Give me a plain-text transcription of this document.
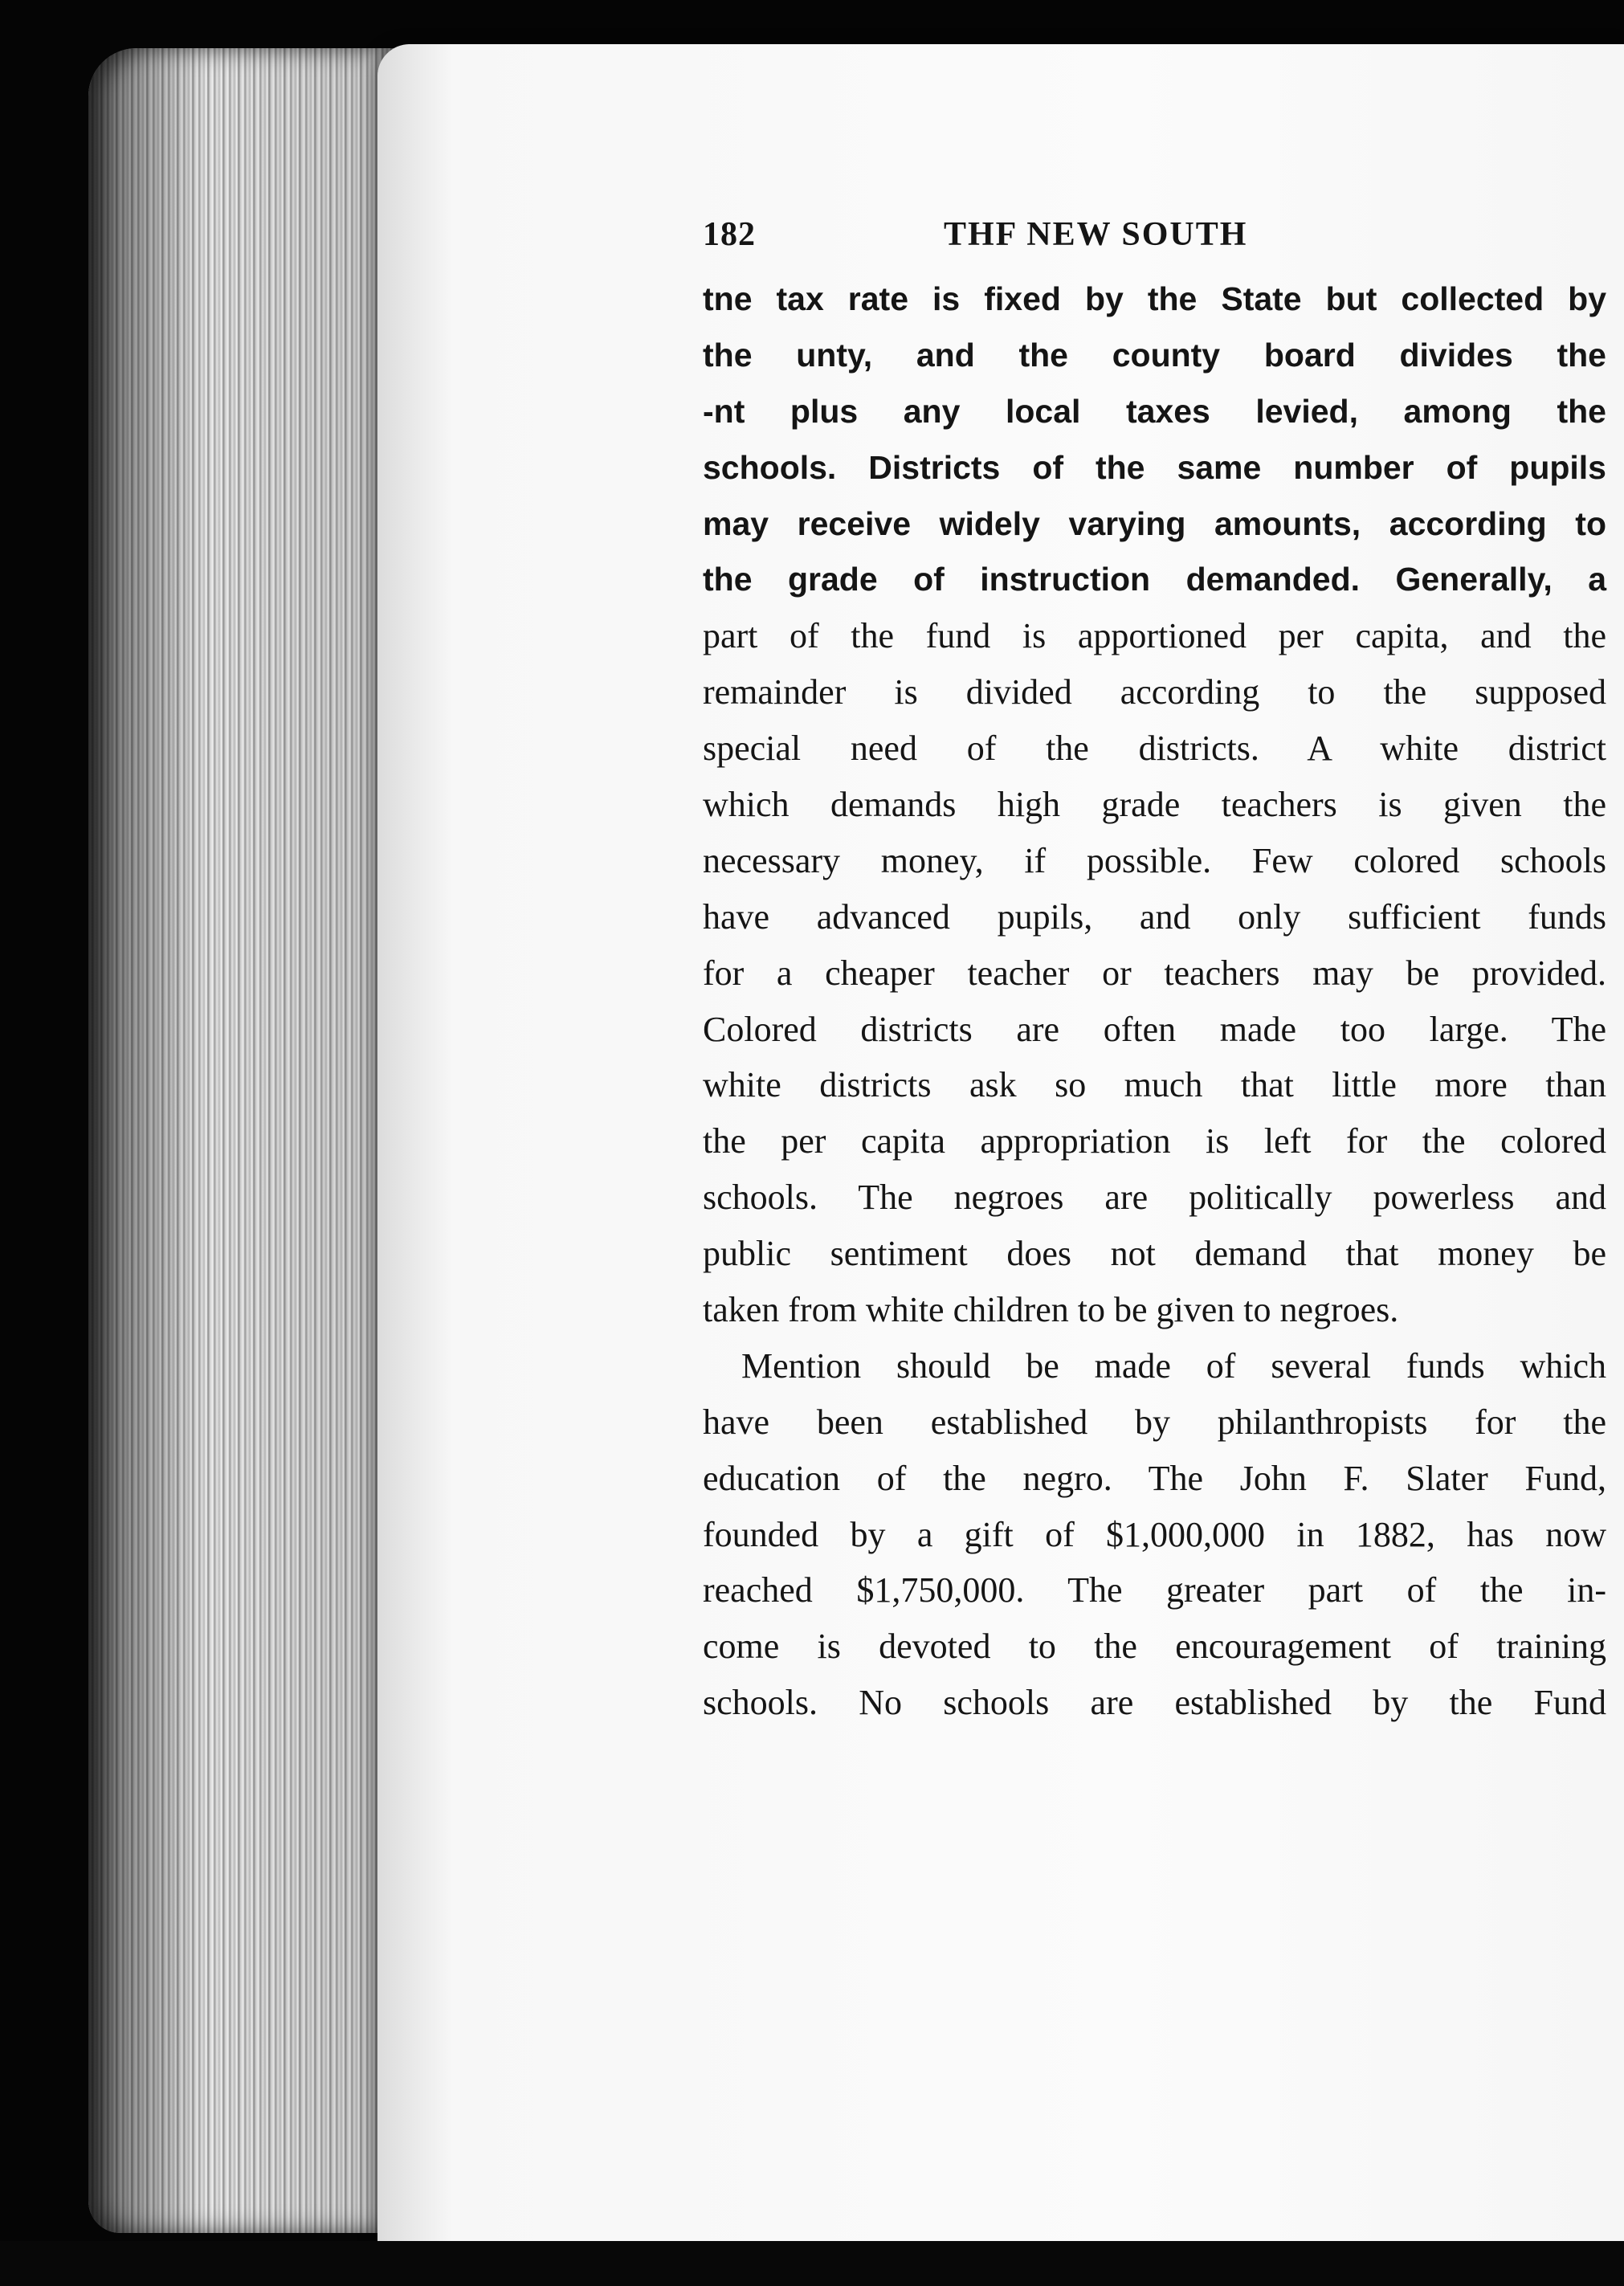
182	THF NEW SOUTH
tne tax rate is fixed by the State but collected by
the unty, and the county board divides the
-nt plus any local taxes levied, among the
schools. Districts of the same number of pupils
may receive widely varying amounts, according to
the grade of instruction demanded. Generally, a
part of the fund is apportioned per capita, and the
remainder is divided according to the supposed
special need of the districts. A white district
which demands high grade teachers is given the
necessary money, if possible. Few colored schools
have advanced pupils, and only sufficient funds
for a cheaper teacher or teachers may be provided.
Colored districts are often made too large. The
white districts ask so much that little more than
the per capita appropriation is left for the colored
schools. The negroes are politically powerless and
public sentiment does not demand that money be
taken from white children to be given to negroes.
Mention should be made of several funds which
have been established by philanthropists for the
education of the negro. The John F. Slater Fund,
founded by a gift of $1,000,000 in 1882, has now
reached $1,750,000. The greater part of the in-
come is devoted to the encouragement of training
schools. No schools are established by the Fund
